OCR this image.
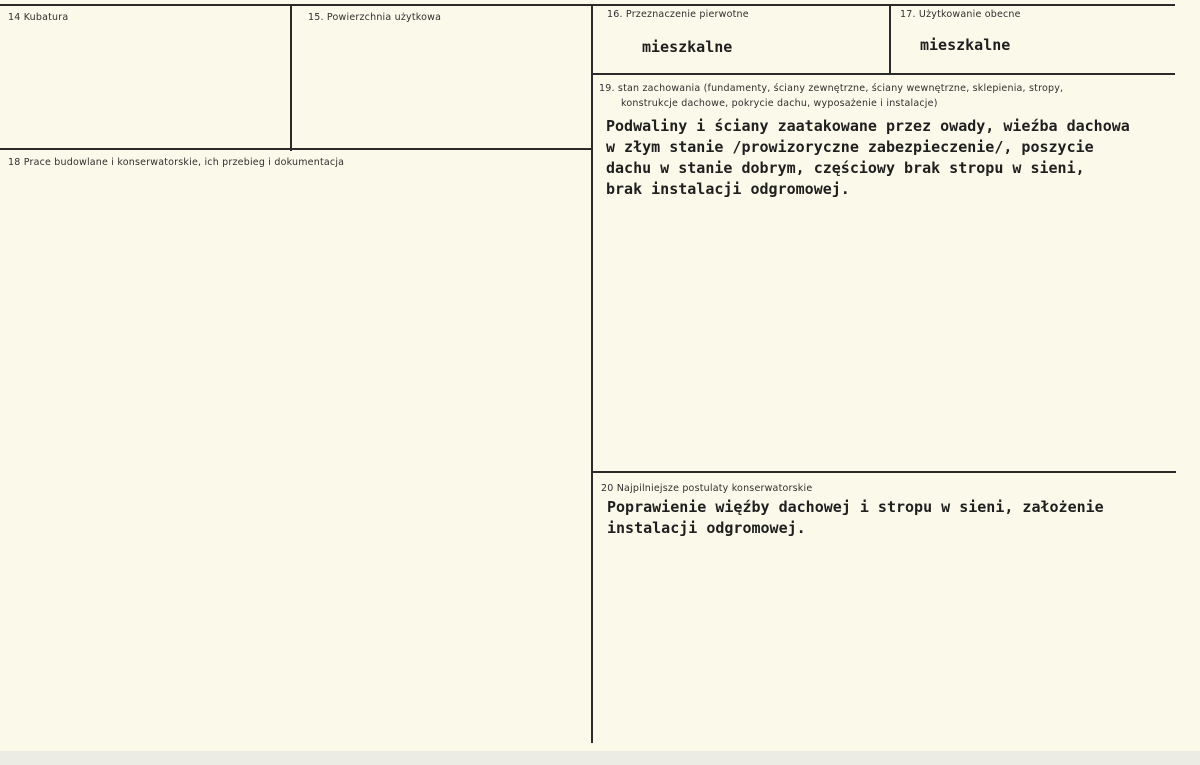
14 Kubatura	15. Powierzchnia użytkowa	16. Przeznaczenie pierwotne
mieszkalne
17. Użytkowanie obecne
mieszkalne
18 Prace budowlane i konserwatorskie, ich przebieg i dokumentacja
19. stan zachowania (fundamenty, ściany zewnętrzne, ściany wewnętrzne, sklepienia, stropy,
konstrukcje dachowe, pokrycie dachu, wyposażenie i instalacje)
Podwaliny i ściany zaatakowane przez owady, wieźba dachowa
w złym stanie /prowizoryczne zabezpieczenie/, poszycie
dachu w stanie dobrym, częściowy brak stropu w sieni,
brak instalacji odgromowej.
20 Najpilniejsze postulaty konserwatorskie
Poprawienie więźby dachowej i stropu w sieni, założenie
instalacji odgromowej.
